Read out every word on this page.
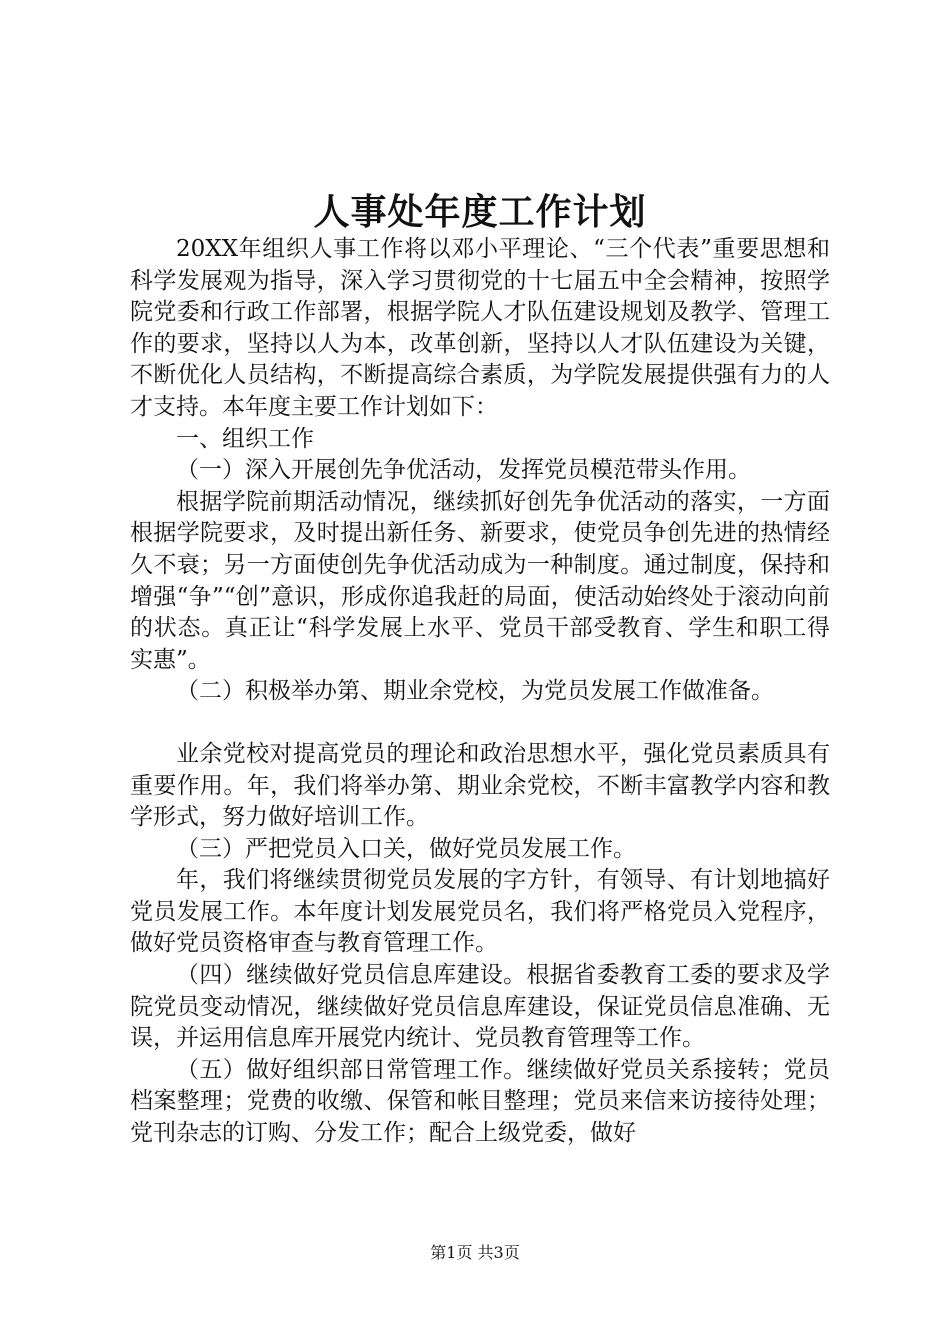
人事处年度工作计划

20XX年组织人事工作将以邓小平理论、“三个代表”重要思想和科学发展观为指导，深入学习贯彻党的十七届五中全会精神，按照学院党委和行政工作部署，根据学院人才队伍建设规划及教学、管理工作的要求，坚持以人为本，改革创新，坚持以人才队伍建设为关键，不断优化人员结构，不断提高综合素质，为学院发展提供强有力的人才支持。本年度主要工作计划如下：

一、组织工作

（一）深入开展创先争优活动，发挥党员模范带头作用。

根据学院前期活动情况，继续抓好创先争优活动的落实，一方面根据学院要求，及时提出新任务、新要求，使党员争创先进的热情经久不衰；另一方面使创先争优活动成为一种制度。通过制度，保持和增强“争”“创”意识，形成你追我赶的局面，使活动始终处于滚动向前的状态。真正让“科学发展上水平、党员干部受教育、学生和职工得实惠”。

（二）积极举办第、期业余党校，为党员发展工作做准备。

业余党校对提高党员的理论和政治思想水平，强化党员素质具有重要作用。年，我们将举办第、期业余党校，不断丰富教学内容和教学形式，努力做好培训工作。

（三）严把党员入口关，做好党员发展工作。

年，我们将继续贯彻党员发展的字方针，有领导、有计划地搞好党员发展工作。本年度计划发展党员名，我们将严格党员入党程序，做好党员资格审查与教育管理工作。

（四）继续做好党员信息库建设。根据省委教育工委的要求及学院党员变动情况，继续做好党员信息库建设，保证党员信息准确、无误，并运用信息库开展党内统计、党员教育管理等工作。

（五）做好组织部日常管理工作。继续做好党员关系接转；党员档案整理；党费的收缴、保管和帐目整理；党员来信来访接待处理；党刊杂志的订购、分发工作；配合上级党委，做好

第1页 共3页
